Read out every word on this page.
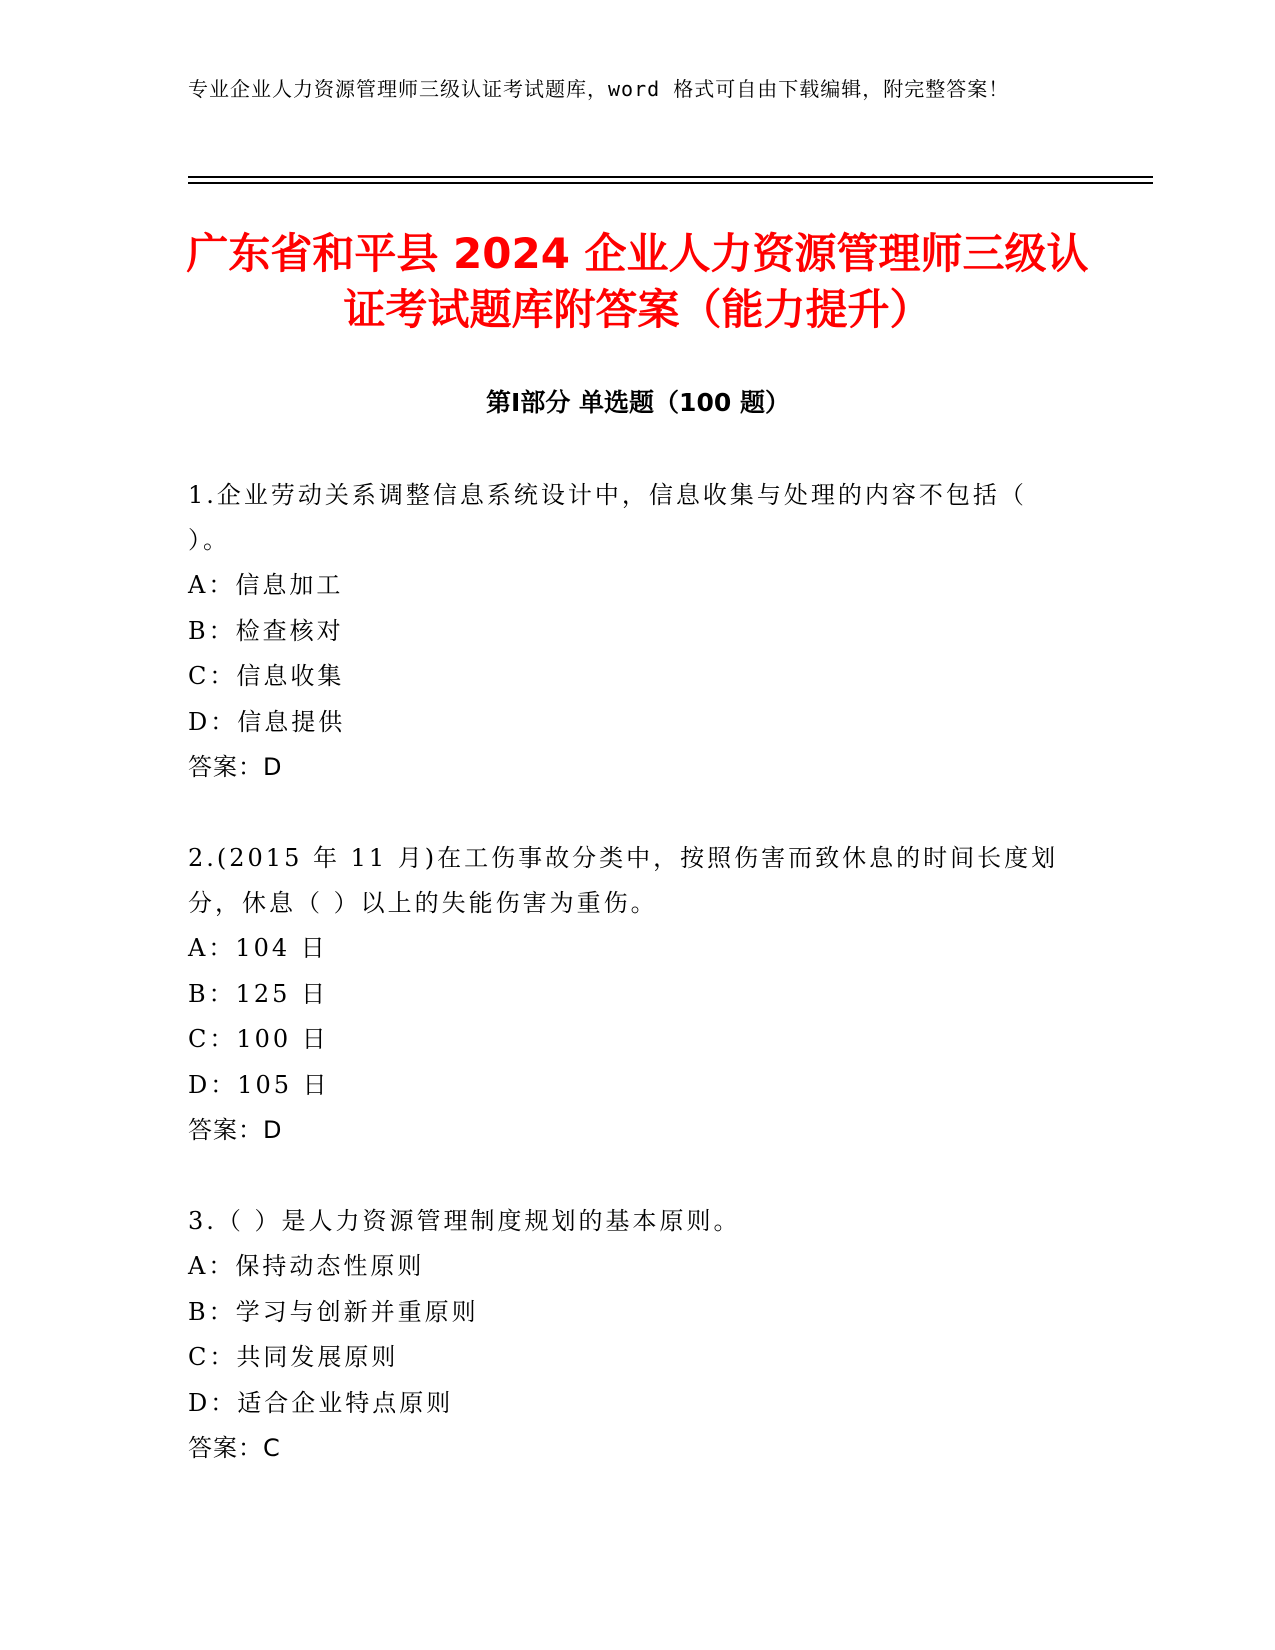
专业企业人力资源管理师三级认证考试题库，word 格式可自由下载编辑，附完整答案！
广东省和平县 2024 企业人力资源管理师三级认证考试题库附答案（能力提升）
第Ⅰ部分 单选题（100 题）

1.企业劳动关系调整信息系统设计中，信息收集与处理的内容不包括（ ）。

A：信息加工

B：检查核对

C：信息收集

D：信息提供

答案：D

2.(2015 年 11 月)在工伤事故分类中，按照伤害而致休息的时间长度划分，休息（ ）以上的失能伤害为重伤。

A：104 日

B：125 日

C：100 日

D：105 日

答案：D

3.（ ）是人力资源管理制度规划的基本原则。

A：保持动态性原则

B：学习与创新并重原则

C：共同发展原则

D：适合企业特点原则

答案：C
